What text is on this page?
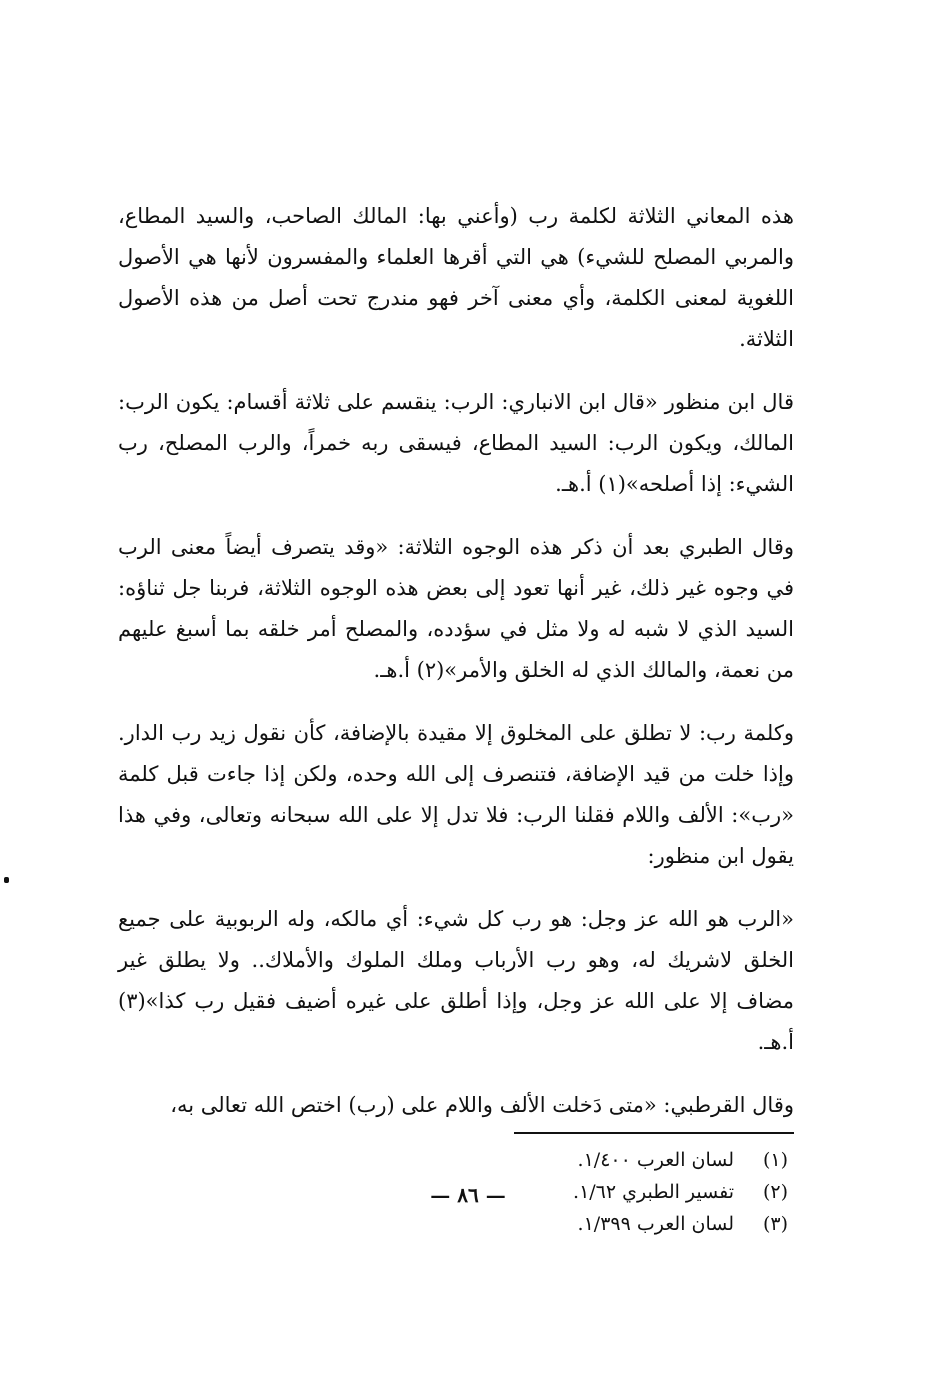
هذه المعاني الثلاثة لكلمة رب (وأعني بها: المالك الصاحب، والسيد المطاع، والمربي المصلح للشيء) هي التي أقرها العلماء والمفسرون لأنها هي الأصول اللغوية لمعنى الكلمة، وأي معنى آخر فهو مندرج تحت أصل من هذه الأصول الثلاثة.

قال ابن منظور «قال ابن الانباري: الرب: ينقسم على ثلاثة أقسام: يكون الرب: المالك، ويكون الرب: السيد المطاع، فيسقى ربه خمراً، والرب المصلح، رب الشيء: إذا أصلحه»(١) أ.هـ.

وقال الطبري بعد أن ذكر هذه الوجوه الثلاثة: «وقد يتصرف أيضاً معنى الرب في وجوه غير ذلك، غير أنها تعود إلى بعض هذه الوجوه الثلاثة، فربنا جل ثناؤه: السيد الذي لا شبه له ولا مثل في سؤدده، والمصلح أمر خلقه بما أسبغ عليهم من نعمة، والمالك الذي له الخلق والأمر»(٢) أ.هـ.

وكلمة رب: لا تطلق على المخلوق إلا مقيدة بالإضافة، كأن نقول زيد رب الدار. وإذا خلت من قيد الإضافة، فتنصرف إلى الله وحده، ولكن إذا جاءت قبل كلمة «رب»: الألف واللام فقلنا الرب: فلا تدل إلا على الله سبحانه وتعالى، وفي هذا يقول ابن منظور:

«الرب هو الله عز وجل: هو رب كل شيء: أي مالكه، وله الربوبية على جميع الخلق لاشريك له، وهو رب الأرباب وملك الملوك والأملاك.. ولا يطلق غير مضاف إلا على الله عز وجل، وإذا أطلق على غيره أضيف فقيل رب كذا»(٣) أ.هـ.

وقال القرطبي: «متى دَخلت الألف واللام على (رب) اختص الله تعالى به،

(١)
لسان العرب ١/٤٠٠.
(٢)
تفسير الطبري ١/٦٢.
(٣)
لسان العرب ١/٣٩٩.
— ٨٦ —
